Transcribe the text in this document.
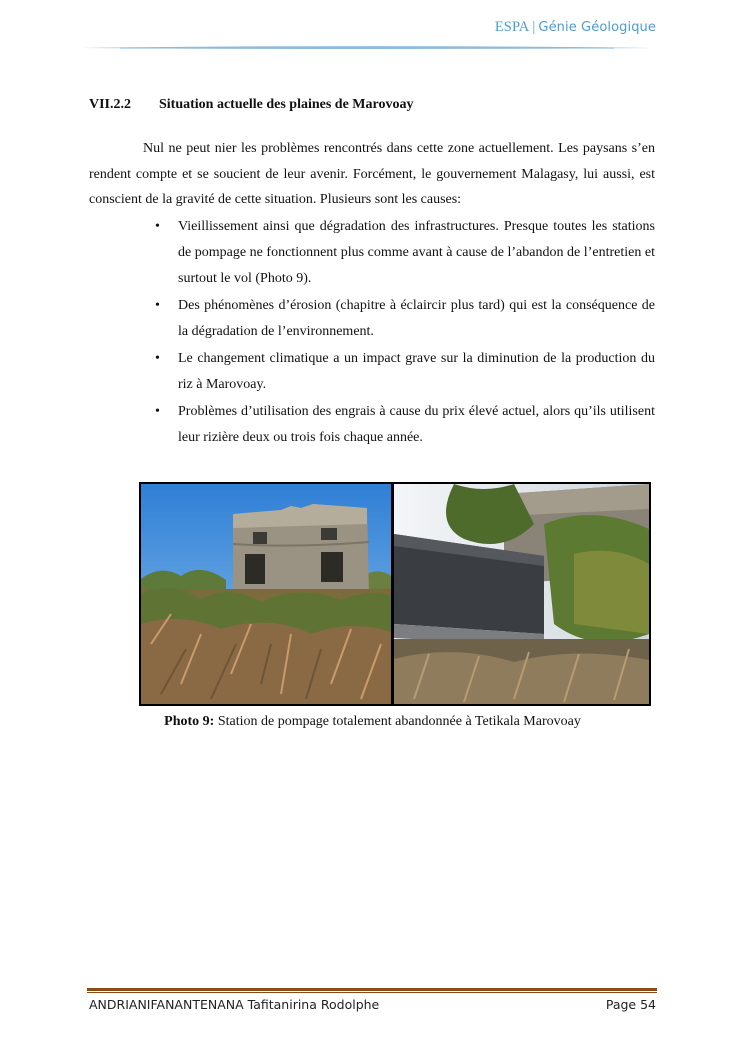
ESPA | Génie Géologique
VII.2.2 Situation actuelle des plaines de Marovoay

Nul ne peut nier les problèmes rencontrés dans cette zone actuellement. Les paysans s’en rendent compte et se soucient de leur avenir. Forcément, le gouvernement Malagasy, lui aussi, est conscient de la gravité de cette situation. Plusieurs sont les causes:

• Vieillissement ainsi que dégradation des infrastructures. Presque toutes les stations de pompage ne fonctionnent plus comme avant à cause de l’abandon de l’entretien et surtout le vol (Photo 9).
• Des phénomènes d’érosion (chapitre à éclaircir plus tard) qui est la conséquence de la dégradation de l’environnement.
• Le changement climatique a un impact grave sur la diminution de la production du riz à Marovoay.
• Problèmes d’utilisation des engrais à cause du prix élevé actuel, alors qu’ils utilisent leur rizière deux ou trois fois chaque année.
Photo 9: Station de pompage totalement abandonnée à Tetikala Marovoay
ANDRIANIFANANTENANA Tafitanirina Rodolphe	Page 54
